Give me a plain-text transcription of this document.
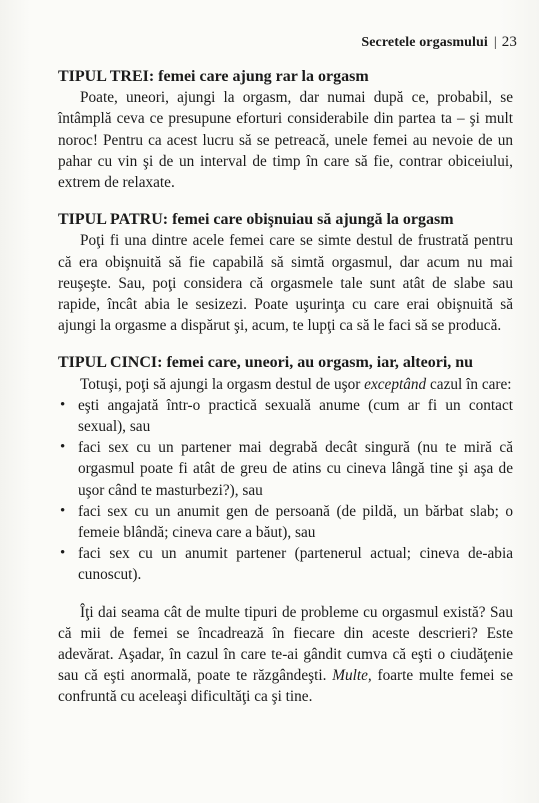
Secretele orgasmului | 23

TIPUL TREI: femei care ajung rar la orgasm

Poate, uneori, ajungi la orgasm, dar numai după ce, probabil, se întâmplă ceva ce presupune eforturi considerabile din partea ta – şi mult noroc! Pentru ca acest lucru să se petreacă, unele femei au nevoie de un pahar cu vin şi de un interval de timp în care să fie, contrar obiceiului, extrem de relaxate.

TIPUL PATRU: femei care obişnuiau să ajungă la orgasm

Poţi fi una dintre acele femei care se simte destul de frustrată pentru că era obişnuită să fie capabilă să simtă orgasmul, dar acum nu mai reuşeşte. Sau, poţi considera că orgasmele tale sunt atât de slabe sau rapide, încât abia le sesizezi. Poate uşurinţa cu care erai obişnuită să ajungi la orgasme a dispărut şi, acum, te lupţi ca să le faci să se producă.

TIPUL CINCI: femei care, uneori, au orgasm, iar, alteori, nu

Totuşi, poţi să ajungi la orgasm destul de uşor exceptând cazul în care:

• eşti angajată într-o practică sexuală anume (cum ar fi un contact sexual), sau
• faci sex cu un partener mai degrabă decât singură (nu te miră că orgasmul poate fi atât de greu de atins cu cineva lângă tine şi aşa de uşor când te masturbezi?), sau
• faci sex cu un anumit gen de persoană (de pildă, un bărbat slab; o femeie blândă; cineva care a băut), sau
• faci sex cu un anumit partener (partenerul actual; cineva de-abia cunoscut).

Îţi dai seama cât de multe tipuri de probleme cu orgasmul există? Sau că mii de femei se încadrează în fiecare din aceste descrieri? Este adevărat. Aşadar, în cazul în care te-ai gândit cumva că eşti o ciudăţenie sau că eşti anormală, poate te răzgândeşti. Multe, foarte multe femei se confruntă cu aceleaşi dificultăţi ca şi tine.
